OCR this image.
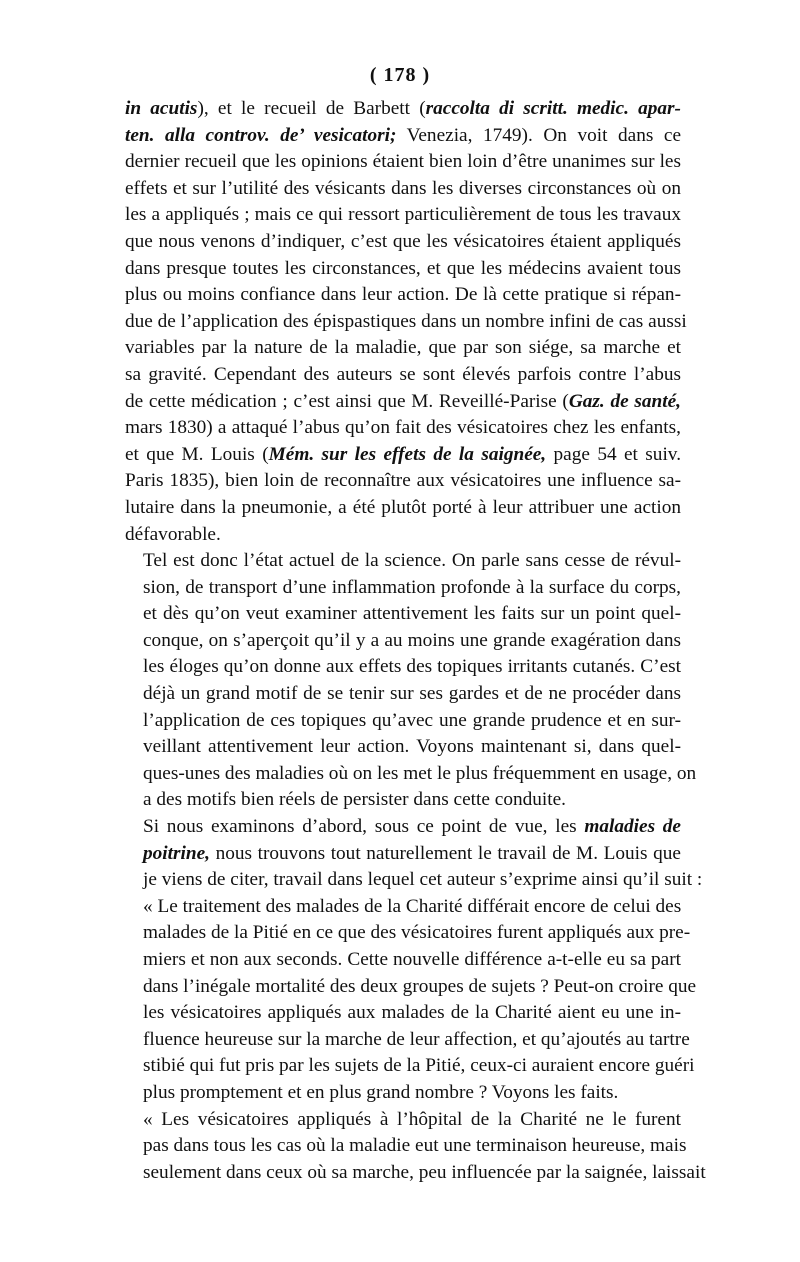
( 178 )

in acutis), et le recueil de Barbett (raccolta di scritt. medic. apar-
ten. alla controv. de’ vesicatori; Venezia, 1749). On voit dans ce
dernier recueil que les opinions étaient bien loin d’être unanimes sur les
effets et sur l’utilité des vésicants dans les diverses circonstances où on
les a appliqués ; mais ce qui ressort particulièrement de tous les travaux
que nous venons d’indiquer, c’est que les vésicatoires étaient appliqués
dans presque toutes les circonstances, et que les médecins avaient tous
plus ou moins confiance dans leur action. De là cette pratique si répan-
due de l’application des épispastiques dans un nombre infini de cas aussi
variables par la nature de la maladie, que par son siége, sa marche et
sa gravité. Cependant des auteurs se sont élevés parfois contre l’abus
de cette médication ; c’est ainsi que M. Reveillé-Parise (Gaz. de santé,
mars 1830) a attaqué l’abus qu’on fait des vésicatoires chez les enfants,
et que M. Louis (Mém. sur les effets de la saignée, page 54 et suiv.
Paris 1835), bien loin de reconnaître aux vésicatoires une influence sa-
lutaire dans la pneumonie, a été plutôt porté à leur attribuer une action
défavorable.

Tel est donc l’état actuel de la science. On parle sans cesse de révul-
sion, de transport d’une inflammation profonde à la surface du corps,
et dès qu’on veut examiner attentivement les faits sur un point quel-
conque, on s’aperçoit qu’il y a au moins une grande exagération dans
les éloges qu’on donne aux effets des topiques irritants cutanés. C’est
déjà un grand motif de se tenir sur ses gardes et de ne procéder dans
l’application de ces topiques qu’avec une grande prudence et en sur-
veillant attentivement leur action. Voyons maintenant si, dans quel-
ques-unes des maladies où on les met le plus fréquemment en usage, on
a des motifs bien réels de persister dans cette conduite.

Si nous examinons d’abord, sous ce point de vue, les maladies de
poitrine, nous trouvons tout naturellement le travail de M. Louis que
je viens de citer, travail dans lequel cet auteur s’exprime ainsi qu’il suit :
« Le traitement des malades de la Charité différait encore de celui des
malades de la Pitié en ce que des vésicatoires furent appliqués aux pre-
miers et non aux seconds. Cette nouvelle différence a-t-elle eu sa part
dans l’inégale mortalité des deux groupes de sujets ? Peut-on croire que
les vésicatoires appliqués aux malades de la Charité aient eu une in-
fluence heureuse sur la marche de leur affection, et qu’ajoutés au tartre
stibié qui fut pris par les sujets de la Pitié, ceux-ci auraient encore guéri
plus promptement et en plus grand nombre ? Voyons les faits.

« Les vésicatoires appliqués à l’hôpital de la Charité ne le furent
pas dans tous les cas où la maladie eut une terminaison heureuse, mais
seulement dans ceux où sa marche, peu influencée par la saignée, laissait
